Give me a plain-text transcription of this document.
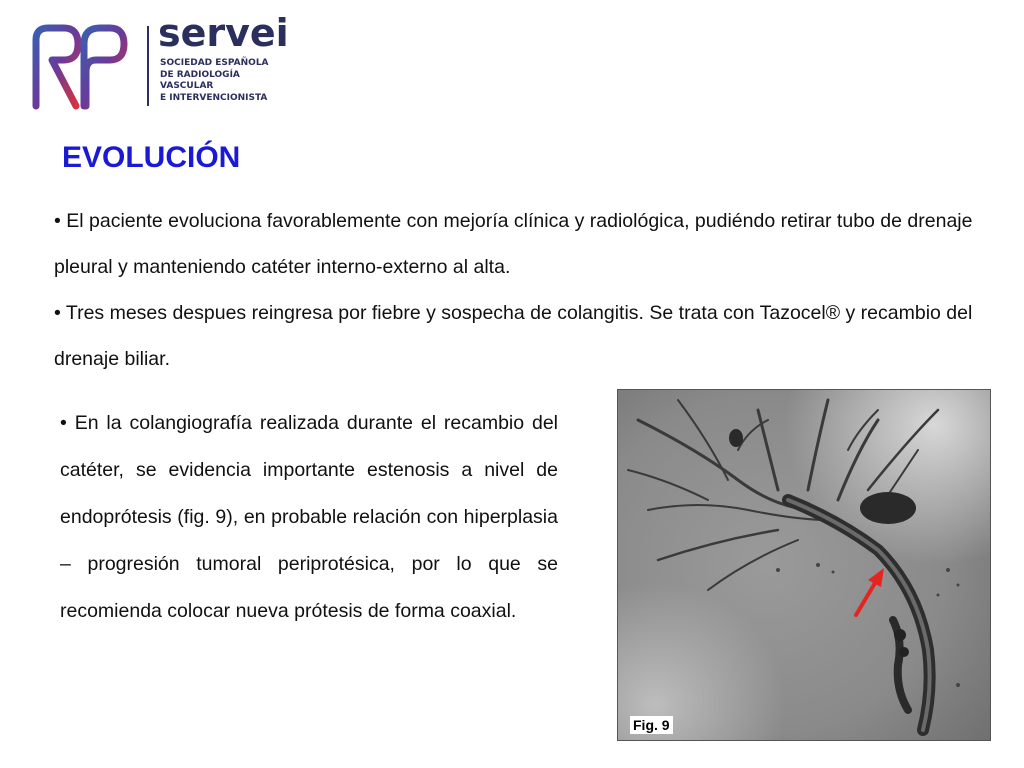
servei
SOCIEDAD ESPAÑOLA
DE RADIOLOGÍA
VASCULAR
E INTERVENCIONISTA
EVOLUCIÓN

• El paciente evoluciona favorablemente con mejoría clínica y radiológica, pudiéndo retirar tubo de drenaje pleural y manteniendo catéter interno-externo al alta.

• Tres meses despues reingresa por fiebre y sospecha de colangitis. Se trata con Tazocel® y recambio del drenaje biliar.

• En la colangiografía realizada durante el recambio del catéter, se evidencia importante estenosis a nivel de endoprótesis (fig. 9), en probable relación con hiperplasia – progresión tumoral periprotésica, por lo que se recomienda colocar nueva prótesis de forma coaxial.

Fig. 9
